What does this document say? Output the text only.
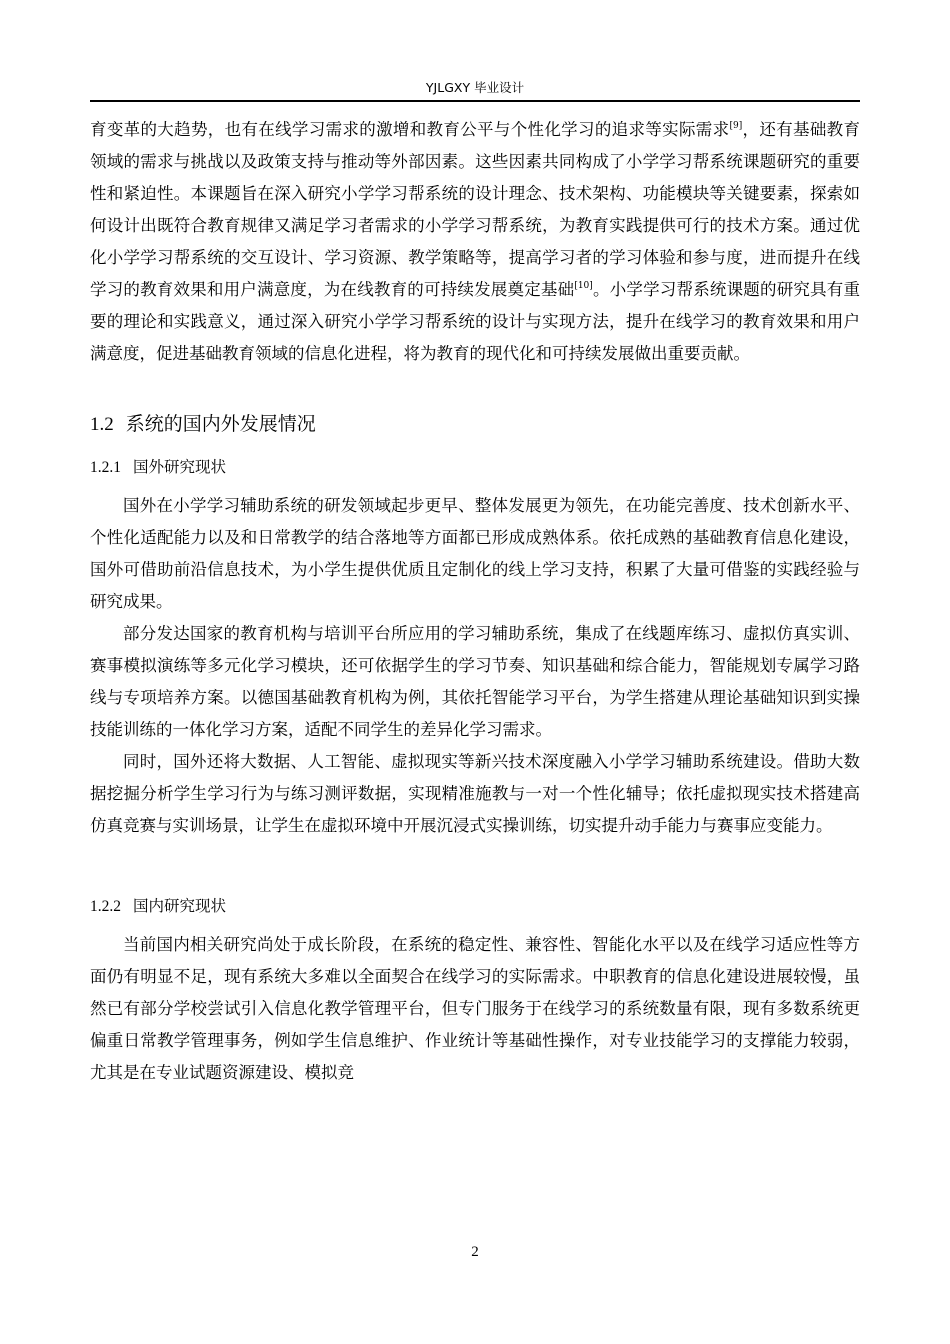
YJLGXY 毕业设计

育变革的大趋势，也有在线学习需求的激增和教育公平与个性化学习的追求等实际需求[9]，还有基础教育领域的需求与挑战以及政策支持与推动等外部因素。这些因素共同构成了小学学习帮系统课题研究的重要性和紧迫性。本课题旨在深入研究小学学习帮系统的设计理念、技术架构、功能模块等关键要素，探索如何设计出既符合教育规律又满足学习者需求的小学学习帮系统，为教育实践提供可行的技术方案。通过优化小学学习帮系统的交互设计、学习资源、教学策略等，提高学习者的学习体验和参与度，进而提升在线学习的教育效果和用户满意度，为在线教育的可持续发展奠定基础[10]。小学学习帮系统课题的研究具有重要的理论和实践意义，通过深入研究小学学习帮系统的设计与实现方法，提升在线学习的教育效果和用户满意度，促进基础教育领域的信息化进程，将为教育的现代化和可持续发展做出重要贡献。

1.2 系统的国内外发展情况
1.2.1 国外研究现状

国外在小学学习辅助系统的研发领域起步更早、整体发展更为领先，在功能完善度、技术创新水平、个性化适配能力以及和日常教学的结合落地等方面都已形成成熟体系。依托成熟的基础教育信息化建设，国外可借助前沿信息技术，为小学生提供优质且定制化的线上学习支持，积累了大量可借鉴的实践经验与研究成果。

部分发达国家的教育机构与培训平台所应用的学习辅助系统，集成了在线题库练习、虚拟仿真实训、赛事模拟演练等多元化学习模块，还可依据学生的学习节奏、知识基础和综合能力，智能规划专属学习路线与专项培养方案。以德国基础教育机构为例，其依托智能学习平台，为学生搭建从理论基础知识到实操技能训练的一体化学习方案，适配不同学生的差异化学习需求。

同时，国外还将大数据、人工智能、虚拟现实等新兴技术深度融入小学学习辅助系统建设。借助大数据挖掘分析学生学习行为与练习测评数据，实现精准施教与一对一个性化辅导；依托虚拟现实技术搭建高仿真竞赛与实训场景，让学生在虚拟环境中开展沉浸式实操训练，切实提升动手能力与赛事应变能力。

1.2.2 国内研究现状

当前国内相关研究尚处于成长阶段，在系统的稳定性、兼容性、智能化水平以及在线学习适应性等方面仍有明显不足，现有系统大多难以全面契合在线学习的实际需求。中职教育的信息化建设进展较慢，虽然已有部分学校尝试引入信息化教学管理平台，但专门服务于在线学习的系统数量有限，现有多数系统更偏重日常教学管理事务，例如学生信息维护、作业统计等基础性操作，对专业技能学习的支撑能力较弱，尤其是在专业试题资源建设、模拟竞

2
